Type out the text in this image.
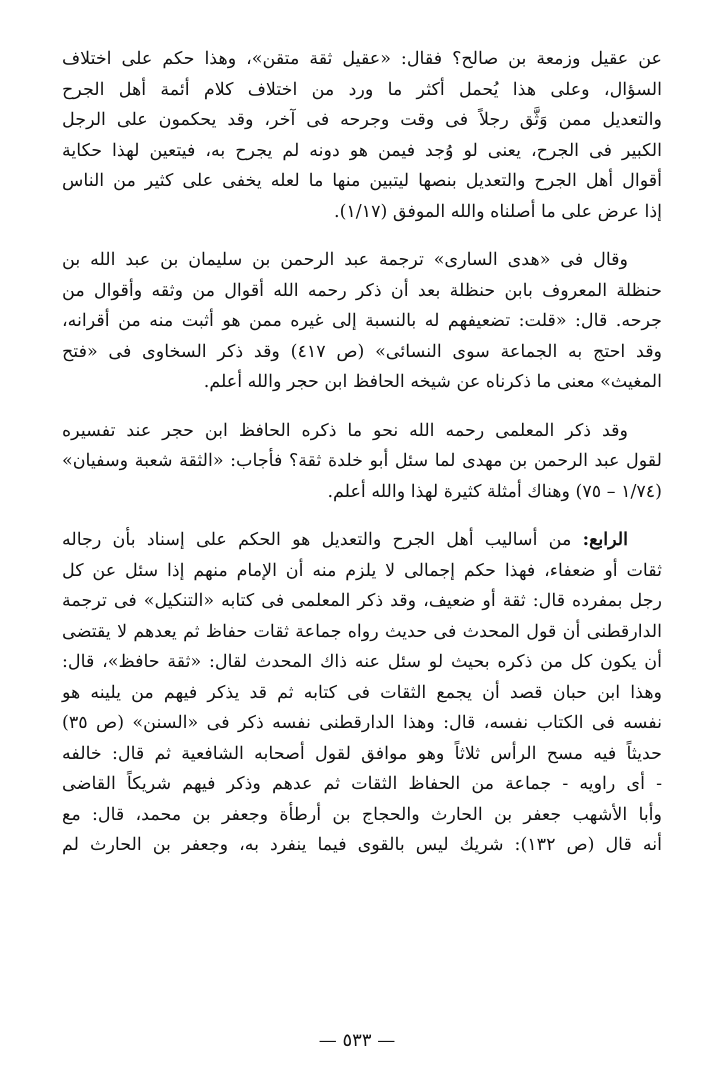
عن عقيل وزمعة بن صالح؟ فقال: «عقيل ثقة متقن»، وهذا حكم على اختلاف
السؤال، وعلى هذا يُحمل أكثر ما ورد من اختلاف كلام أئمة أهل الجرح
والتعديل ممن وَثَّق رجلاً فى وقت وجرحه فى آخر، وقد يحكمون على الرجل
الكبير فى الجرح، يعنى لو وُجد فيمن هو دونه لم يجرح به، فيتعين لهذا حكاية
أقوال أهل الجرح والتعديل بنصها ليتبين منها ما لعله يخفى على كثير من الناس
إذا عرض على ما أصلناه والله الموفق (١/١٧).

وقال فى «هدى السارى» ترجمة عبد الرحمن بن سليمان بن عبد الله بن
حنظلة المعروف بابن حنظلة بعد أن ذكر رحمه الله أقوال من وثقه وأقوال من
جرحه. قال: «قلت: تضعيفهم له بالنسبة إلى غيره ممن هو أثبت منه من أقرانه،
وقد احتج به الجماعة سوى النسائى» (ص ٤١٧) وقد ذكر السخاوى فى «فتح
المغيث» معنى ما ذكرناه عن شيخه الحافظ ابن حجر والله أعلم.

وقد ذكر المعلمى رحمه الله نحو ما ذكره الحافظ ابن حجر عند تفسيره
لقول عبد الرحمن بن مهدى لما سئل أبو خلدة ثقة؟ فأجاب: «الثقة شعبة وسفيان»
(١/٧٤ – ٧٥) وهناك أمثلة كثيرة لهذا والله أعلم.

الرابع: من أساليب أهل الجرح والتعديل هو الحكم على إسناد بأن رجاله
ثقات أو ضعفاء، فهذا حكم إجمالى لا يلزم منه أن الإمام منهم إذا سئل عن كل
رجل بمفرده قال: ثقة أو ضعيف، وقد ذكر المعلمى فى كتابه «التنكيل» فى ترجمة
الدارقطنى أن قول المحدث فى حديث رواه جماعة ثقات حفاظ ثم يعدهم لا يقتضى
أن يكون كل من ذكره بحيث لو سئل عنه ذاك المحدث لقال: «ثقة حافظ»، قال:
وهذا ابن حبان قصد أن يجمع الثقات فى كتابه ثم قد يذكر فيهم من يلينه هو
نفسه فى الكتاب نفسه، قال: وهذا الدارقطنى نفسه ذكر فى «السنن» (ص ٣٥)
حديثاً فيه مسح الرأس ثلاثاً وهو موافق لقول أصحابه الشافعية ثم قال: خالفه
- أى راويه - جماعة من الحفاظ الثقات ثم عدهم وذكر فيهم شريكاً القاضى
وأبا الأشهب جعفر بن الحارث والحجاج بن أرطأة وجعفر بن محمد، قال: مع
أنه قال (ص ١٣٢): شريك ليس بالقوى فيما ينفرد به، وجعفر بن الحارث لم

— ٥٣٣ —
